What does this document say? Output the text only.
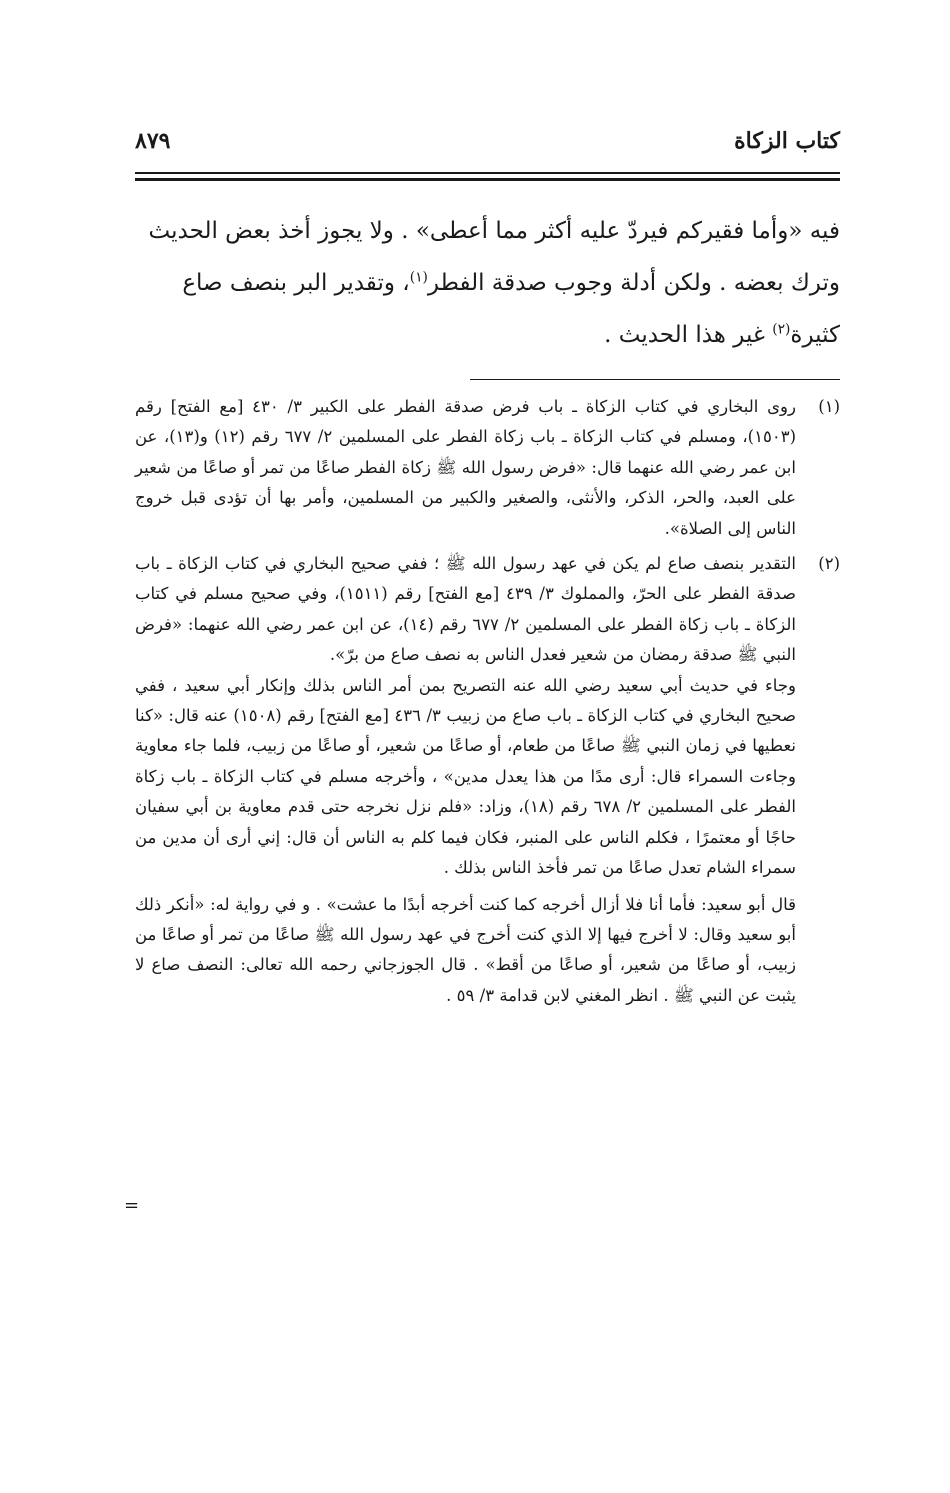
٨٧٩	كتاب الزكاة

فيه «وأما فقيركم فيردّ عليه أكثر مما أعطى» . ولا يجوز أخذ بعض الحديث

وترك بعضه . ولكن أدلة وجوب صدقة الفطر$^{(١)}$، وتقدير البر بنصف صاع

كثيرة$^{(٢)}$ غير هذا الحديث .

(١)
روى البخاري في كتاب الزكاة ـ باب فرض صدقة الفطر على الكبير ٣/ ٤٣٠ [مع الفتح] رقم (١٥٠٣)، ومسلم في كتاب الزكاة ـ باب زكاة الفطر على المسلمين ٢/ ٦٧٧ رقم (١٢) و(١٣)، عن ابن عمر رضي الله عنهما قال: «فرض رسول الله ﷺ زكاة الفطر صاعًا من تمر أو صاعًا من شعير على العبد، والحر، الذكر، والأنثى، والصغير والكبير من المسلمين، وأمر بها أن تؤدى قبل خروج الناس إلى الصلاة».
(٢)

التقدير بنصف صاع لم يكن في عهد رسول الله ﷺ ؛ ففي صحيح البخاري في كتاب الزكاة ـ باب صدقة الفطر على الحرّ، والمملوك ٣/ ٤٣٩ [مع الفتح] رقم (١٥١١)، وفي صحيح مسلم في كتاب الزكاة ـ باب زكاة الفطر على المسلمين ٢/ ٦٧٧ رقم (١٤)، عن ابن عمر رضي الله عنهما: «فرض النبي ﷺ صدقة رمضان من شعير فعدل الناس به نصف صاع من برّ».

وجاء في حديث أبي سعيد رضي الله عنه التصريح بمن أمر الناس بذلك وإنكار أبي سعيد ، ففي صحيح البخاري في كتاب الزكاة ـ باب صاع من زبيب ٣/ ٤٣٦ [مع الفتح] رقم (١٥٠٨) عنه قال: «كنا نعطيها في زمان النبي ﷺ صاعًا من طعام، أو صاعًا من شعير، أو صاعًا من زبيب، فلما جاء معاوية وجاءت السمراء قال: أرى مدًا من هذا يعدل مدين» ، وأخرجه مسلم في كتاب الزكاة ـ باب زكاة الفطر على المسلمين ٢/ ٦٧٨ رقم (١٨)، وزاد: «فلم نزل نخرجه حتى قدم معاوية بن أبي سفيان حاجًا أو معتمرًا ، فكلم الناس على المنبر، فكان فيما كلم به الناس أن قال: إني أرى أن مدين من سمراء الشام تعدل صاعًا من تمر فأخذ الناس بذلك .

قال أبو سعيد: فأما أنا فلا أزال أخرجه كما كنت أخرجه أبدًا ما عشت» . و في رواية له: «أنكر ذلك أبو سعيد وقال: لا أخرج فيها إلا الذي كنت أخرج في عهد رسول الله ﷺ صاعًا من تمر أو صاعًا من زبيب، أو صاعًا من شعير، أو صاعًا من أقط» . قال الجوزجاني رحمه الله تعالى: النصف صاع لا يثبت عن النبي ﷺ . انظر المغني لابن قدامة ٣/ ٥٩ .

=
